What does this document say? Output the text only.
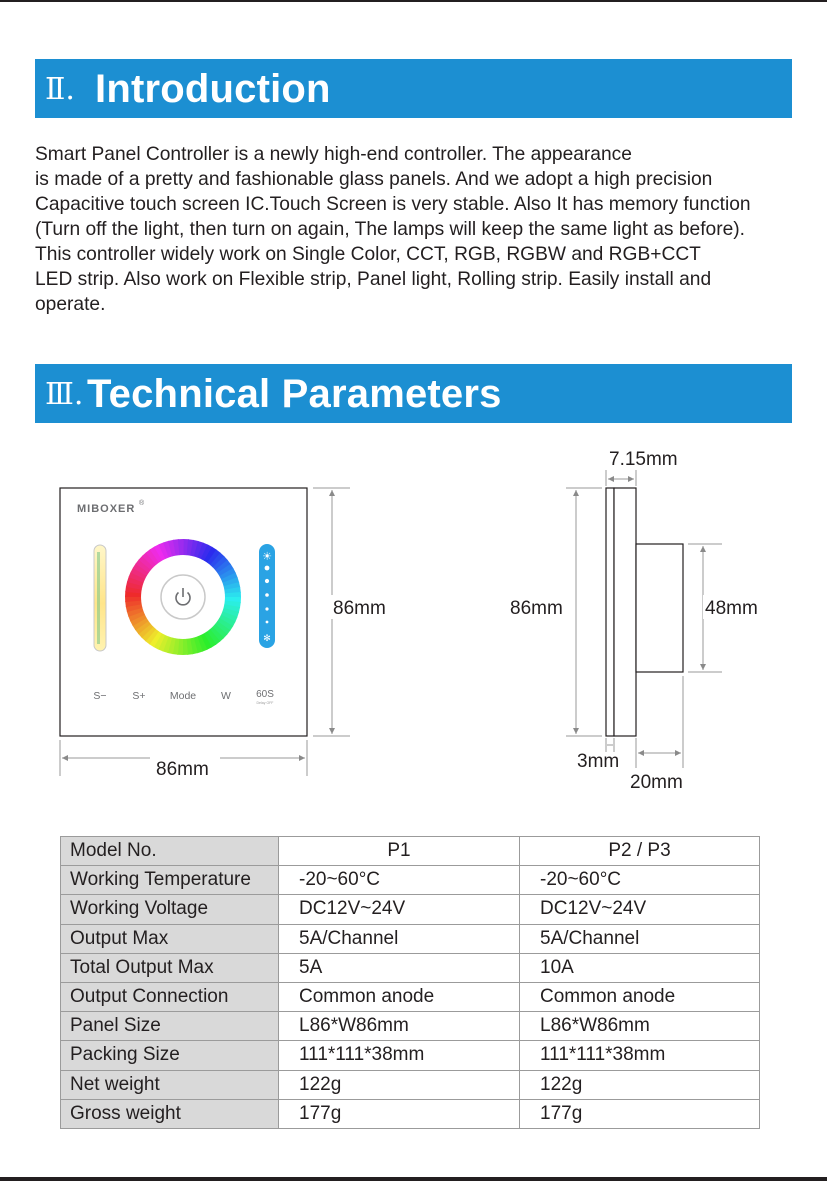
Ⅱ. Introduction
Smart Panel Controller is a newly high-end controller. The appearance
is made of a pretty and fashionable glass panels. And we adopt a high precision
Capacitive touch screen IC.Touch Screen is very stable. Also It has memory function
(Turn off the light, then turn on again, The lamps will keep the same light as before).
This controller widely work on Single Color, CCT, RGB, RGBW and RGB+CCT
LED strip. Also work on Flexible strip, Panel light, Rolling strip. Easily install and
operate.
Ⅲ. Technical Parameters
MIBOXER ®
☀
✻
S− S+ Mode W	60S
Delay OFF
86mm
86mm
86mm	48mm
7.15mm
3mm
20mm
Model No.	P1	P2 / P3
Working Temperature	-20~60°C	-20~60°C
Working Voltage	DC12V~24V	DC12V~24V
Output Max	5A/Channel	5A/Channel
Total Output Max	5A	10A
Output Connection	Common anode	Common anode
Panel Size	L86*W86mm	L86*W86mm
Packing Size	111*111*38mm	111*111*38mm
Net weight	122g	122g
Gross weight	177g	177g
